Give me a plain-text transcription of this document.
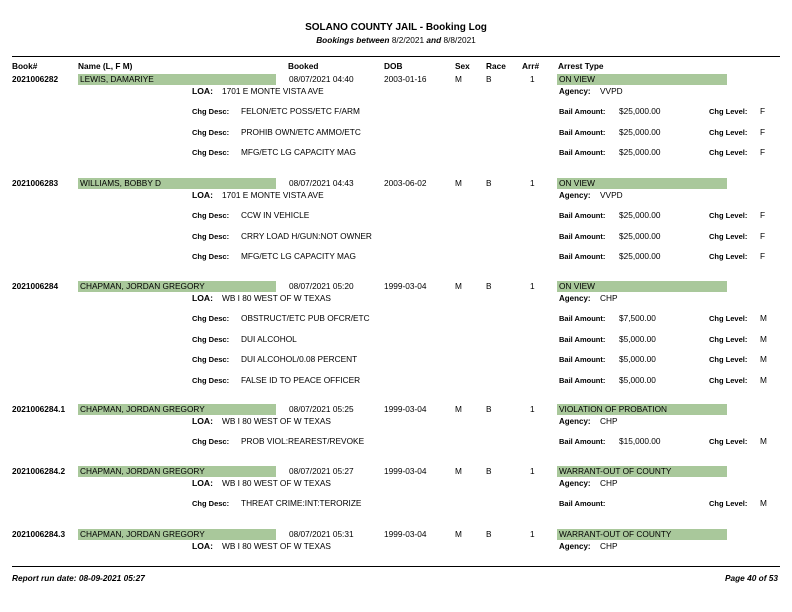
SOLANO COUNTY JAIL - Booking Log
Bookings between 8/2/2021 and 8/8/2021
Book#	Name (L, F M)	Booked	DOB	Sex Race Arr# Arrest Type
2021006282	LEWIS, DAMARIYE	08/07/2021 04:40	2003-01-16	M	B	1	ON VIEW
LOA: 1701 E MONTE VISTA AVE	Agency: VVPD
Chg Desc: FELON/ETC POSS/ETC F/ARM	Bail Amount: $25,000.00	Chg Level: F
Chg Desc: PROHIB OWN/ETC AMMO/ETC	Bail Amount: $25,000.00	Chg Level: F
Chg Desc: MFG/ETC LG CAPACITY MAG	Bail Amount: $25,000.00	Chg Level: F
2021006283	WILLIAMS, BOBBY D	08/07/2021 04:43	2003-06-02	M	B	1	ON VIEW
LOA: 1701 E MONTE VISTA AVE	Agency: VVPD
Chg Desc: CCW IN VEHICLE	Bail Amount: $25,000.00	Chg Level: F
Chg Desc: CRRY LOAD H/GUN:NOT OWNER	Bail Amount: $25,000.00	Chg Level: F
Chg Desc: MFG/ETC LG CAPACITY MAG	Bail Amount: $25,000.00	Chg Level: F
2021006284	CHAPMAN, JORDAN GREGORY	08/07/2021 05:20	1999-03-04	M	B	1	ON VIEW
LOA: WB I 80 WEST OF W TEXAS	Agency: CHP
Chg Desc: OBSTRUCT/ETC PUB OFCR/ETC	Bail Amount: $7,500.00	Chg Level: M
Chg Desc: DUI ALCOHOL	Bail Amount: $5,000.00	Chg Level: M
Chg Desc: DUI ALCOHOL/0.08 PERCENT	Bail Amount: $5,000.00	Chg Level: M
Chg Desc: FALSE ID TO PEACE OFFICER	Bail Amount: $5,000.00	Chg Level: M
2021006284.1 CHAPMAN, JORDAN GREGORY	08/07/2021 05:25	1999-03-04	M	B	1	VIOLATION OF PROBATION
LOA: WB I 80 WEST OF W TEXAS	Agency: CHP
Chg Desc: PROB VIOL:REAREST/REVOKE	Bail Amount: $15,000.00	Chg Level: M
2021006284.2 CHAPMAN, JORDAN GREGORY	08/07/2021 05:27	1999-03-04	M	B	1	WARRANT-OUT OF COUNTY
LOA: WB I 80 WEST OF W TEXAS	Agency: CHP
Chg Desc: THREAT CRIME:INT:TERORIZE	Bail Amount:	Chg Level: M
2021006284.3 CHAPMAN, JORDAN GREGORY	08/07/2021 05:31	1999-03-04	M	B	1	WARRANT-OUT OF COUNTY
LOA: WB I 80 WEST OF W TEXAS	Agency: CHP
Report run date: 08-09-2021 05:27	Page 40 of 53
